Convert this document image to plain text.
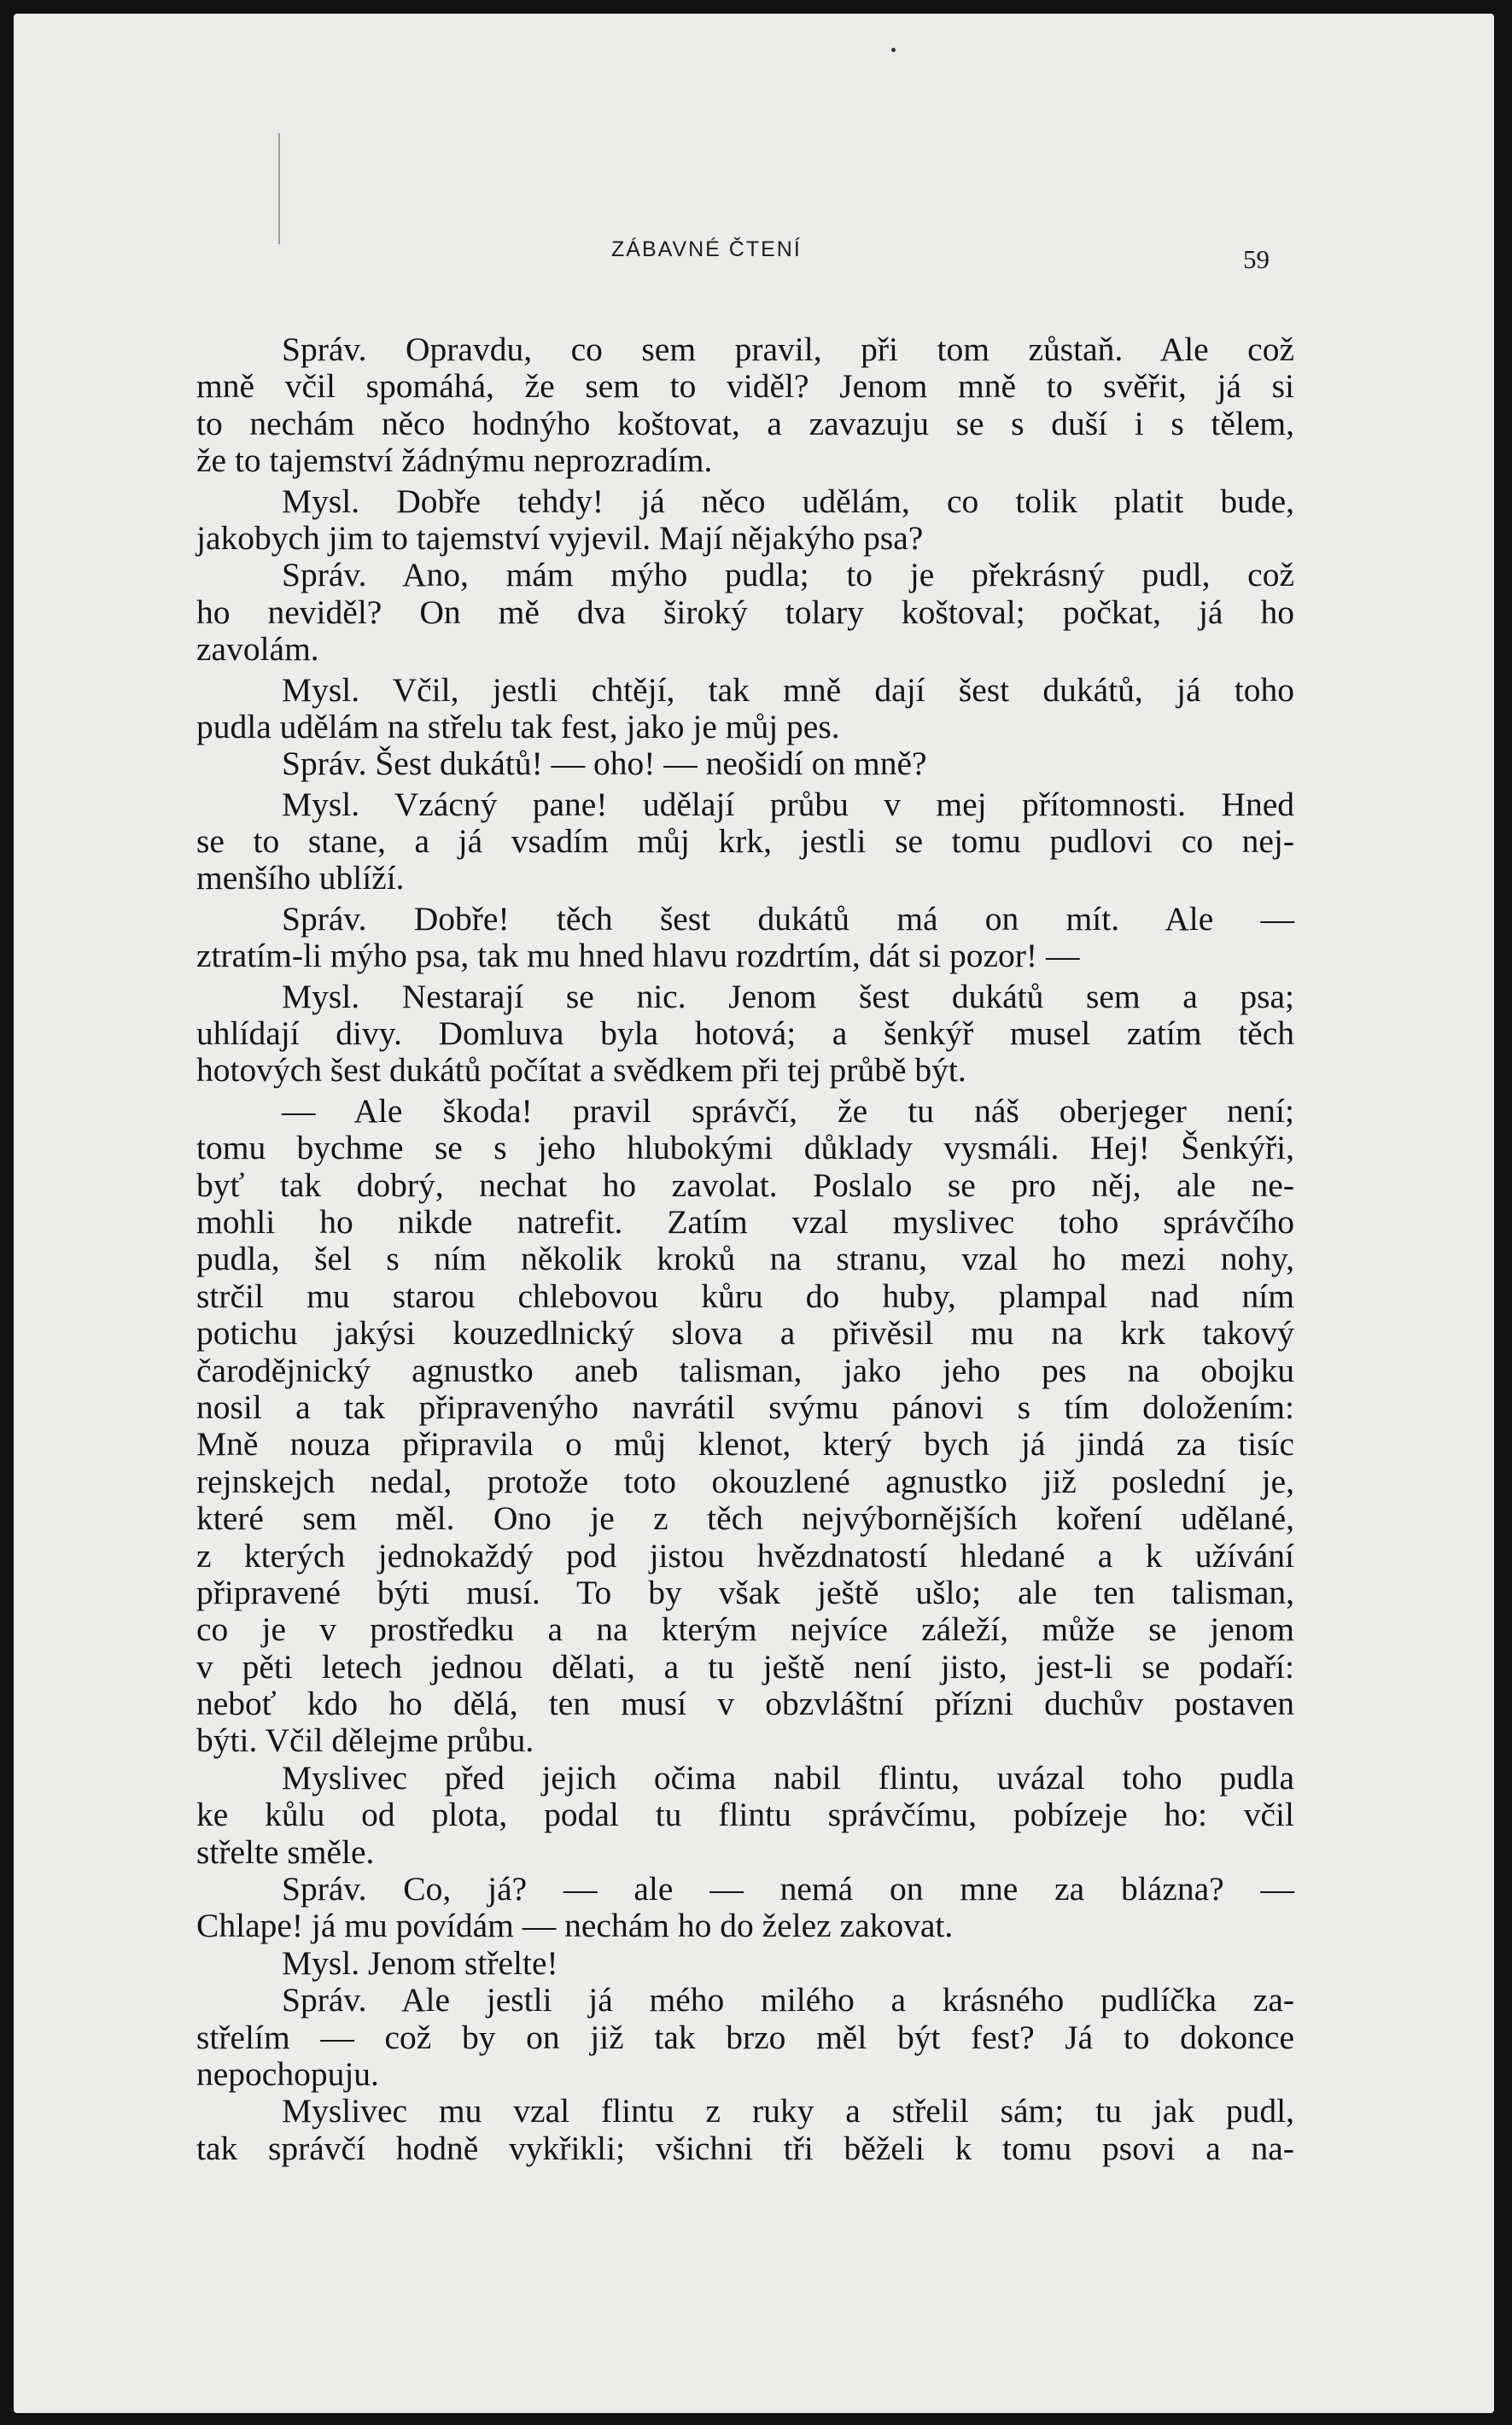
ZÁBAVNÉ ČTENÍ	59
Správ. Opravdu, co sem pravil, při tom zůstaň. Ale což
mně včil spomáhá, že sem to viděl? Jenom mně to svěřit, já si
to nechám něco hodnýho koštovat, a zavazuju se s duší i s tělem,
že to tajemství žádnýmu neprozradím.
Mysl. Dobře tehdy! já něco udělám, co tolik platit bude,
jakobych jim to tajemství vyjevil. Mají nějakýho psa?
Správ. Ano, mám mýho pudla; to je překrásný pudl, což
ho neviděl? On mě dva široký tolary koštoval; počkat, já ho
zavolám.
Mysl. Včil, jestli chtějí, tak mně dají šest dukátů, já toho
pudla udělám na střelu tak fest, jako je můj pes.
Správ. Šest dukátů! — oho! — neošidí on mně?
Mysl. Vzácný pane! udělají průbu v mej přítomnosti. Hned
se to stane, a já vsadím můj krk, jestli se tomu pudlovi co nej-
menšího ublíží.
Správ. Dobře! těch šest dukátů má on mít. Ale —
ztratím-li mýho psa, tak mu hned hlavu rozdrtím, dát si pozor! —
Mysl. Nestarají se nic. Jenom šest dukátů sem a psa;
uhlídají divy. Domluva byla hotová; a šenkýř musel zatím těch
hotových šest dukátů počítat a svědkem při tej průbě být.
— Ale škoda! pravil správčí, že tu náš oberjeger není;
tomu bychme se s jeho hlubokými důklady vysmáli. Hej! Šenkýři,
byť tak dobrý, nechat ho zavolat. Poslalo se pro něj, ale ne-
mohli ho nikde natrefit. Zatím vzal myslivec toho správčího
pudla, šel s ním několik kroků na stranu, vzal ho mezi nohy,
strčil mu starou chlebovou kůru do huby, plampal nad ním
potichu jakýsi kouzedlnický slova a přivěsil mu na krk takový
čarodějnický agnustko aneb talisman, jako jeho pes na obojku
nosil a tak připravenýho navrátil svýmu pánovi s tím doložením:
Mně nouza připravila o můj klenot, který bych já jindá za tisíc
rejnskejch nedal, protože toto okouzlené agnustko již poslední je,
které sem měl. Ono je z těch nejvýbornějších koření udělané,
z kterých jednokaždý pod jistou hvězdnatostí hledané a k užívání
připravené býti musí. To by však ještě ušlo; ale ten talisman,
co je v prostředku a na kterým nejvíce záleží, může se jenom
v pěti letech jednou dělati, a tu ještě není jisto, jest-li se podaří:
neboť kdo ho dělá, ten musí v obzvláštní přízni duchův postaven
býti. Včil dělejme průbu.
Myslivec před jejich očima nabil flintu, uvázal toho pudla
ke kůlu od plota, podal tu flintu správčímu, pobízeje ho: včil
střelte směle.
Správ. Co, já? — ale — nemá on mne za blázna? —
Chlape! já mu povídám — nechám ho do želez zakovat.
Mysl. Jenom střelte!
Správ. Ale jestli já mého milého a krásného pudlíčka za-
střelím — což by on již tak brzo měl být fest? Já to dokonce
nepochopuju.
Myslivec mu vzal flintu z ruky a střelil sám; tu jak pudl,
tak správčí hodně vykřikli; všichni tři běželi k tomu psovi a na-
